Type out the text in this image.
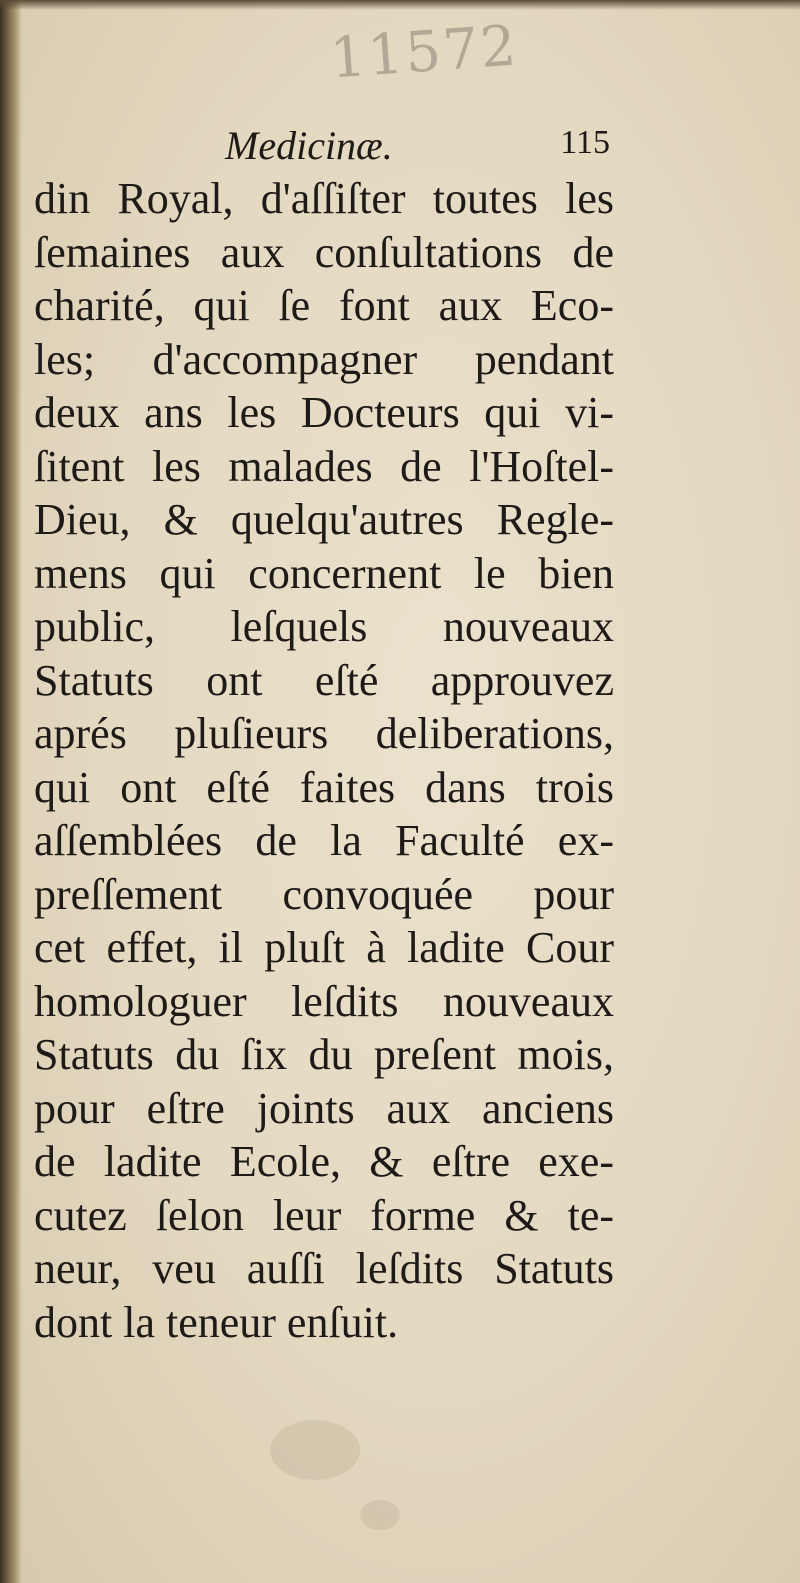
11572
Medicinæ.	115
din Royal, d'aſſiſter toutes les
ſemaines aux conſultations de
charité, qui ſe font aux Eco-
les; d'accompagner pendant
deux ans les Docteurs qui vi-
ſitent les malades de l'Hoſtel-
Dieu, & quelqu'autres Regle-
mens qui concernent le bien
public, leſquels nouveaux
Statuts ont eſté approuvez
aprés pluſieurs deliberations,
qui ont eſté faites dans trois
aſſemblées de la Faculté ex-
preſſement convoquée pour
cet effet, il pluſt à ladite Cour
homologuer leſdits nouveaux
Statuts du ſix du preſent mois,
pour eſtre joints aux anciens
de ladite Ecole, & eſtre exe-
cutez ſelon leur forme & te-
neur, veu auſſi leſdits Statuts
dont la teneur enſuit.
